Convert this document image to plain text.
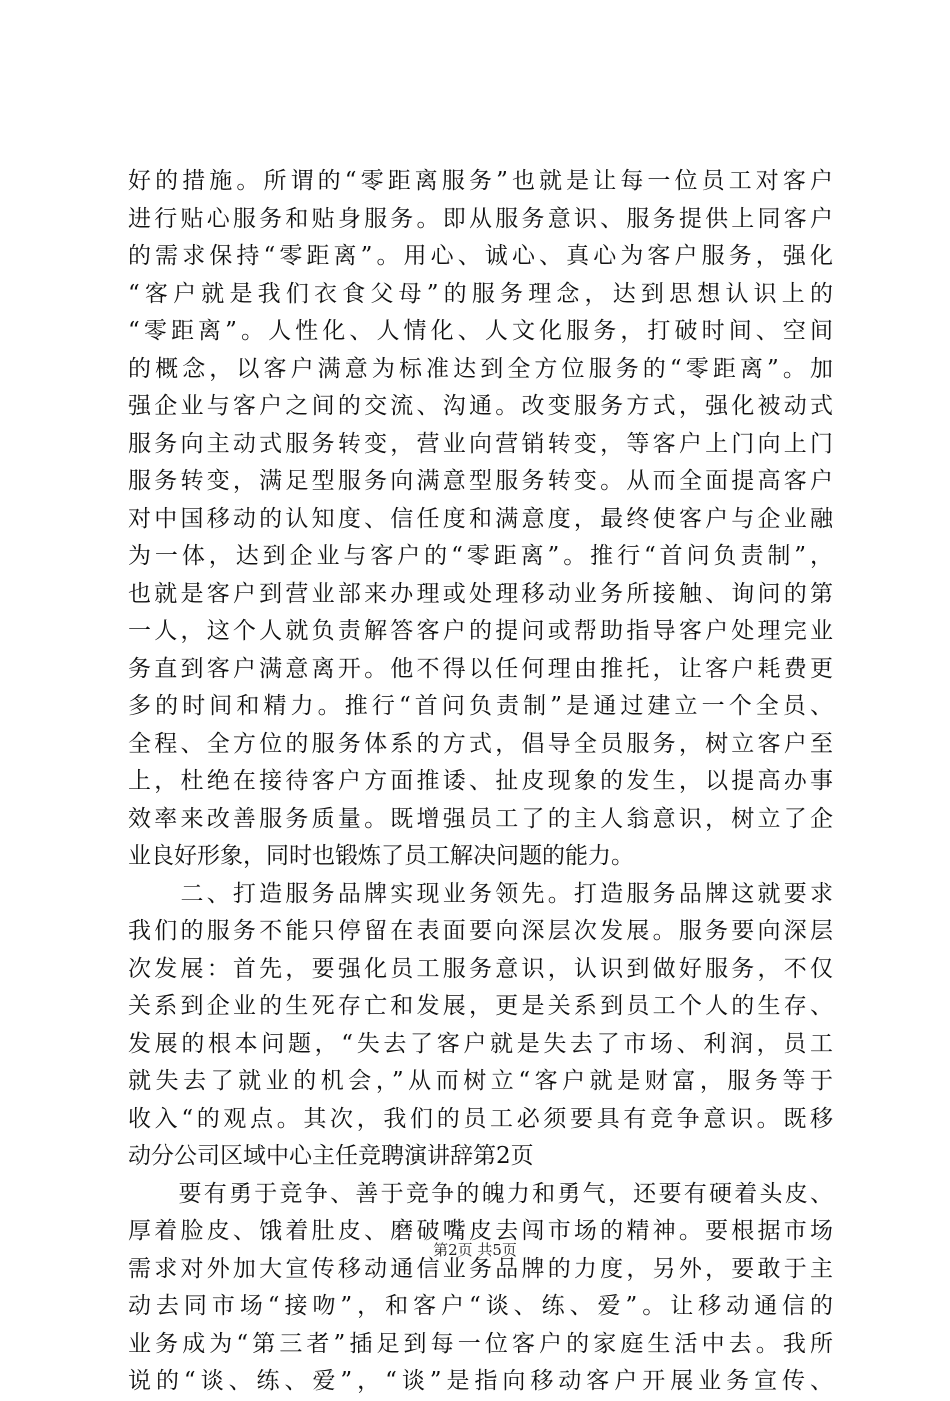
好的措施。所谓的“零距离服务”也就是让每一位员工对客户
进行贴心服务和贴身服务。即从服务意识、服务提供上同客户
的需求保持“零距离”。用心、诚心、真心为客户服务，强化
“客户就是我们衣食父母”的服务理念，达到思想认识上的
“零距离”。人性化、人情化、人文化服务，打破时间、空间
的概念，以客户满意为标准达到全方位服务的“零距离”。加
强企业与客户之间的交流、沟通。改变服务方式，强化被动式
服务向主动式服务转变，营业向营销转变，等客户上门向上门
服务转变，满足型服务向满意型服务转变。从而全面提高客户
对中国移动的认知度、信任度和满意度，最终使客户与企业融
为一体，达到企业与客户的“零距离”。推行“首问负责制”，
也就是客户到营业部来办理或处理移动业务所接触、询问的第
一人，这个人就负责解答客户的提问或帮助指导客户处理完业
务直到客户满意离开。他不得以任何理由推托，让客户耗费更
多的时间和精力。推行“首问负责制”是通过建立一个全员、
全程、全方位的服务体系的方式，倡导全员服务，树立客户至
上，杜绝在接待客户方面推诿、扯皮现象的发生，以提高办事
效率来改善服务质量。既增强员工了的主人翁意识，树立了企
业良好形象，同时也锻炼了员工解决问题的能力。
　　二、打造服务品牌实现业务领先。打造服务品牌这就要求
我们的服务不能只停留在表面要向深层次发展。服务要向深层
次发展：首先，要强化员工服务意识，认识到做好服务，不仅
关系到企业的生死存亡和发展，更是关系到员工个人的生存、
发展的根本问题，“失去了客户就是失去了市场、利润，员工
就失去了就业的机会，”从而树立“客户就是财富，服务等于
收入“的观点。其次，我们的员工必须要具有竞争意识。既移
动分公司区域中心主任竞聘演讲辞第2页
　　要有勇于竞争、善于竞争的魄力和勇气，还要有硬着头皮、
厚着脸皮、饿着肚皮、磨破嘴皮去闯市场的精神。要根据市场
需求对外加大宣传移动通信业务品牌的力度，另外，要敢于主
动去同市场“接吻”，和客户“谈、练、爱”。让移动通信的
业务成为“第三者”插足到每一位客户的家庭生活中去。我所
说的“谈、练、爱”，“谈”是指向移动客户开展业务宣传、
第2页 共5页
